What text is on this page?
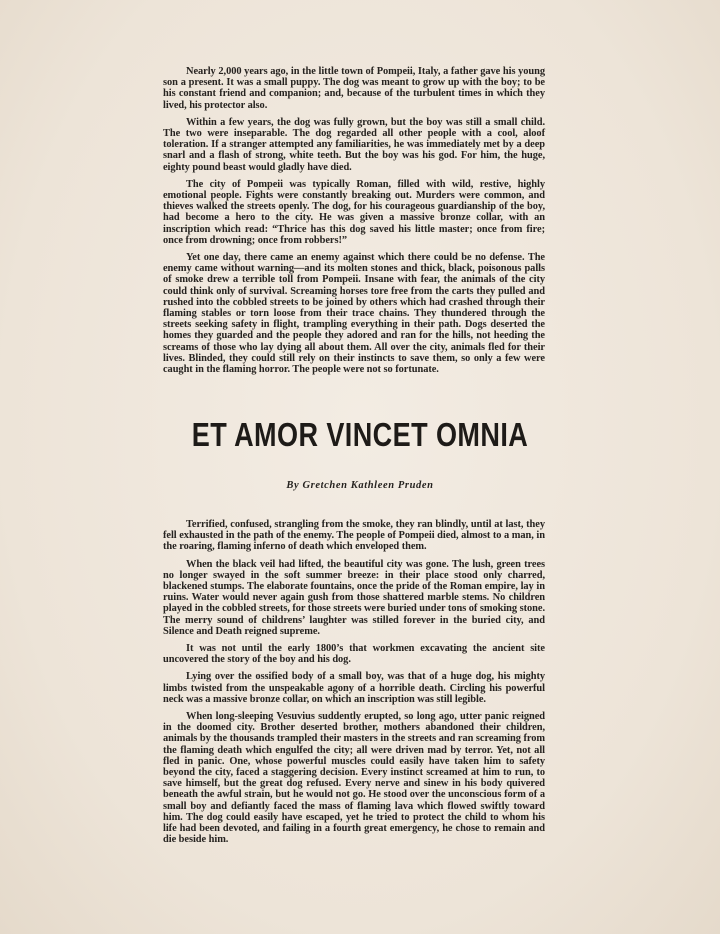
Nearly 2,000 years ago, in the little town of Pompeii, Italy, a father gave his young son a present. It was a small puppy. The dog was meant to grow up with the boy; to be his constant friend and companion; and, because of the turbulent times in which they lived, his protector also.

Within a few years, the dog was fully grown, but the boy was still a small child. The two were inseparable. The dog regarded all other people with a cool, aloof toleration. If a stranger attempted any familiarities, he was immediately met by a deep snarl and a flash of strong, white teeth. But the boy was his god. For him, the huge, eighty pound beast would gladly have died.

The city of Pompeii was typically Roman, filled with wild, restive, highly emotional people. Fights were constantly breaking out. Murders were common, and thieves walked the streets openly. The dog, for his courageous guardianship of the boy, had become a hero to the city. He was given a massive bronze collar, with an inscription which read: “Thrice has this dog saved his little master; once from fire; once from drowning; once from robbers!”

Yet one day, there came an enemy against which there could be no defense. The enemy came without warning—and its molten stones and thick, black, poisonous palls of smoke drew a terrible toll from Pompeii. Insane with fear, the animals of the city could think only of survival. Screaming horses tore free from the carts they pulled and rushed into the cobbled streets to be joined by others which had crashed through their flaming stables or torn loose from their trace chains. They thundered through the streets seeking safety in flight, trampling everything in their path. Dogs deserted the homes they guarded and the people they adored and ran for the hills, not heeding the screams of those who lay dying all about them. All over the city, animals fled for their lives. Blinded, they could still rely on their instincts to save them, so only a few were caught in the flaming horror. The people were not so fortunate.

ET AMOR VINCET OMNIA
By Gretchen Kathleen Pruden

Terrified, confused, strangling from the smoke, they ran blindly, until at last, they fell exhausted in the path of the enemy. The people of Pompeii died, almost to a man, in the roaring, flaming inferno of death which enveloped them.

When the black veil had lifted, the beautiful city was gone. The lush, green trees no longer swayed in the soft summer breeze: in their place stood only charred, blackened stumps. The elaborate fountains, once the pride of the Roman empire, lay in ruins. Water would never again gush from those shattered marble stems. No children played in the cobbled streets, for those streets were buried under tons of smoking stone. The merry sound of childrens’ laughter was stilled forever in the buried city, and Silence and Death reigned supreme.

It was not until the early 1800’s that workmen excavating the ancient site uncovered the story of the boy and his dog.

Lying over the ossified body of a small boy, was that of a huge dog, his mighty limbs twisted from the unspeakable agony of a horrible death. Circling his powerful neck was a massive bronze collar, on which an inscription was still legible.

When long-sleeping Vesuvius suddently erupted, so long ago, utter panic reigned in the doomed city. Brother deserted brother, mothers abandoned their children, animals by the thousands trampled their masters in the streets and ran screaming from the flaming death which engulfed the city; all were driven mad by terror. Yet, not all fled in panic. One, whose powerful muscles could easily have taken him to safety beyond the city, faced a staggering decision. Every instinct screamed at him to run, to save himself, but the great dog refused. Every nerve and sinew in his body quivered beneath the awful strain, but he would not go. He stood over the unconscious form of a small boy and defiantly faced the mass of flaming lava which flowed swiftly toward him. The dog could easily have escaped, yet he tried to protect the child to whom his life had been devoted, and failing in a fourth great emergency, he chose to remain and die beside him.
